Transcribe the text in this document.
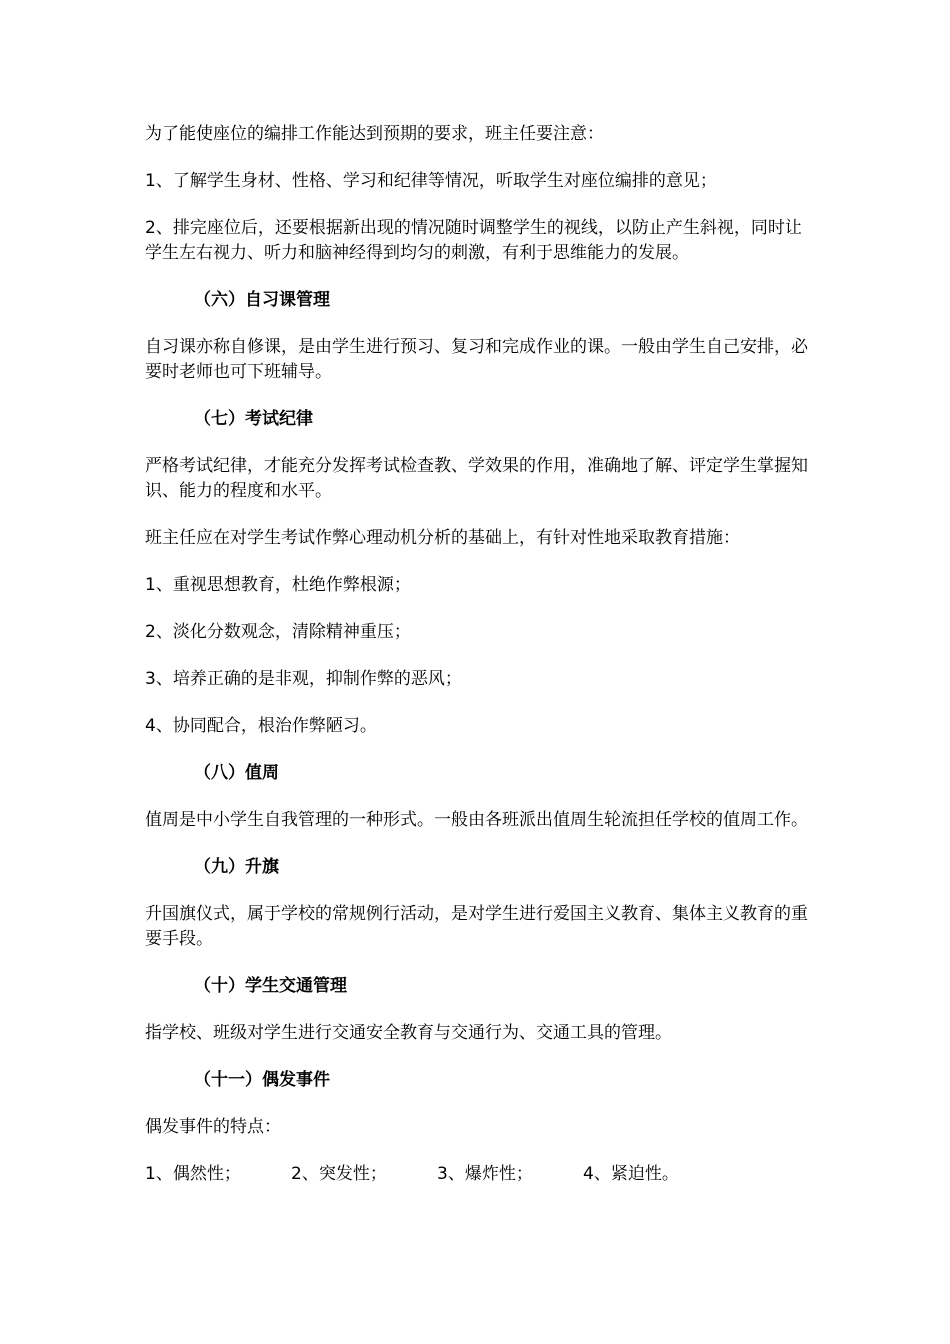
为了能使座位的编排工作能达到预期的要求，班主任要注意：

1、了解学生身材、性格、学习和纪律等情况，听取学生对座位编排的意见；

2、排完座位后，还要根据新出现的情况随时调整学生的视线，以防止产生斜视，同时让学生左右视力、听力和脑神经得到均匀的刺激，有利于思维能力的发展。

（六）自习课管理

自习课亦称自修课，是由学生进行预习、复习和完成作业的课。一般由学生自己安排，必要时老师也可下班辅导。

（七）考试纪律

严格考试纪律，才能充分发挥考试检查教、学效果的作用，准确地了解、评定学生掌握知识、能力的程度和水平。

班主任应在对学生考试作弊心理动机分析的基础上，有针对性地采取教育措施：

1、重视思想教育，杜绝作弊根源；

2、淡化分数观念，清除精神重压；

3、培养正确的是非观，抑制作弊的恶风；

4、协同配合，根治作弊陋习。

（八）值周

值周是中小学生自我管理的一种形式。一般由各班派出值周生轮流担任学校的值周工作。

（九）升旗

升国旗仪式，属于学校的常规例行活动，是对学生进行爱国主义教育、集体主义教育的重要手段。

（十）学生交通管理

指学校、班级对学生进行交通安全教育与交通行为、交通工具的管理。

（十一）偶发事件

偶发事件的特点：

1、偶然性；	2、突发性；	3、爆炸性；	4、紧迫性。
